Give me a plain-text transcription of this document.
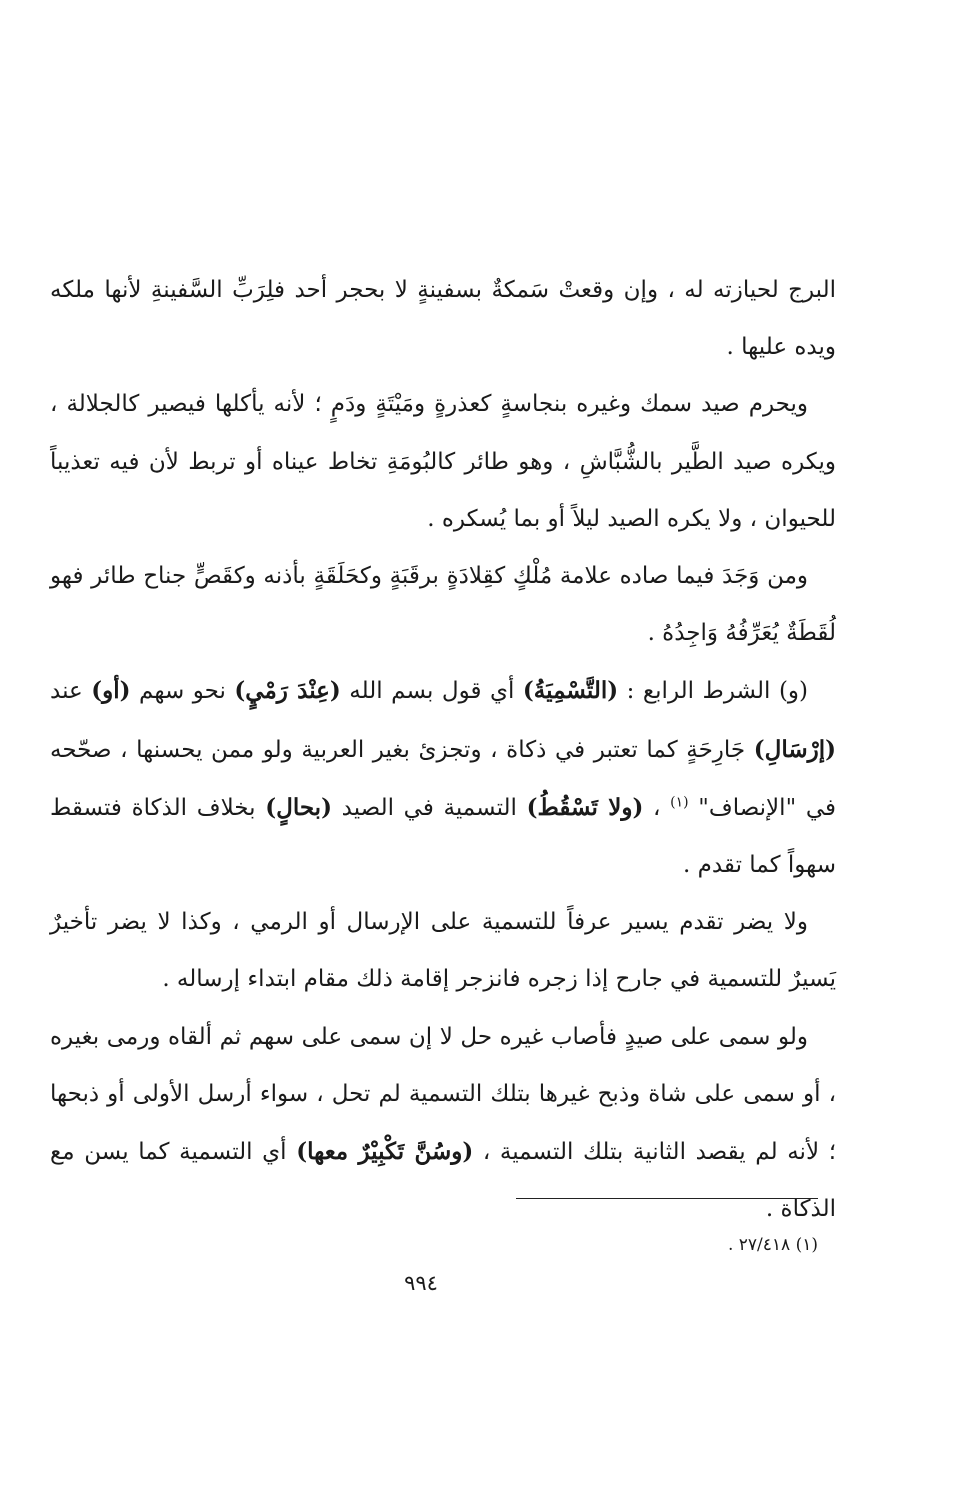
البرج لحيازته له ، وإن وقعتْ سَمكةٌ بسفينةٍ لا بحجر أحد فلِرَبِّ السَّفينةِ لأنها ملكه ويده عليها .

ويحرم صيد سمك وغيره بنجاسةٍ كعذرةٍ ومَيْتَةٍ ودَمٍ ؛ لأنه يأكلها فيصير كالجلالة ، ويكره صيد الطَّير بالشُّبَّاشِ ، وهو طائر كالبُومَةِ تخاط عيناه أو تربط لأن فيه تعذيباً للحيوان ، ولا يكره الصيد ليلاً أو بما يُسكره .

ومن وَجَدَ فيما صاده علامة مُلْكٍ كقِلادَةٍ برقَبَةٍ وكحَلَقَةٍ بأذنه وكقَصٍّ جناح طائر فهو لُقَطَةٌ يُعَرِّفُهُ وَاجِدُهُ .

(و) الشرط الرابع : (التَّسْمِيَةُ) أي قول بسم الله (عِنْدَ رَمْيٍ) نحو سهم (أو) عند (إرْسَالِ) جَارِحَةٍ كما تعتبر في ذكاة ، وتجزئ بغير العربية ولو ممن يحسنها ، صحّحه في "الإنصاف" $^{(١)}$ ، (ولا تَسْقُطُ) التسمية في الصيد (بحالٍ) بخلاف الذكاة فتسقط سهواً كما تقدم .

ولا يضر تقدم يسير عرفاً للتسمية على الإرسال أو الرمي ، وكذا لا يضر تأخيرٌ يَسيرٌ للتسمية في جارح إذا زجره فانزجر إقامة ذلك مقام ابتداء إرساله .

ولو سمى على صيدٍ فأصاب غيره حل لا إن سمى على سهم ثم ألقاه ورمى بغيره ، أو سمى على شاة وذبح غيرها بتلك التسمية لم تحل ، سواء أرسل الأولى أو ذبحها ؛ لأنه لم يقصد الثانية بتلك التسمية ، (وسُنَّ تَكْبِيْرٌ معها) أي التسمية كما يسن مع الذكاة .

(١) ٢٧/٤١٨ .
٩٩٤
